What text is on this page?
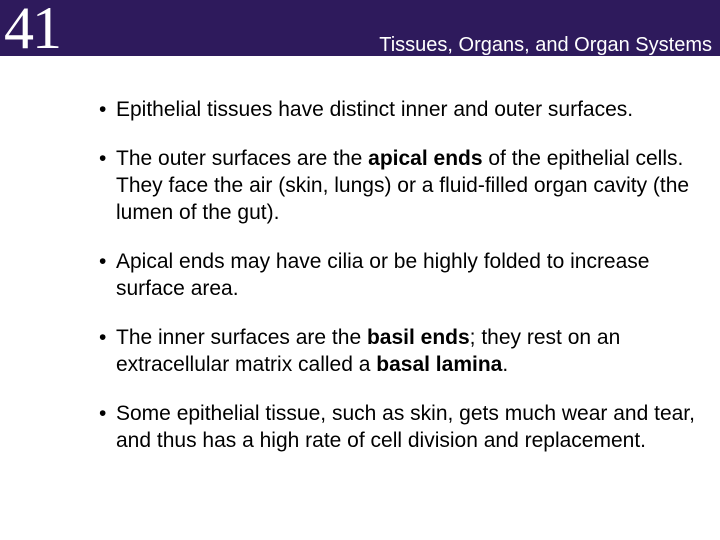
41	Tissues, Organs, and Organ Systems
• Epithelial tissues have distinct inner and outer surfaces.
• The outer surfaces are the apical ends of the epithelial cells. They face the air (skin, lungs) or a fluid-filled organ cavity (the lumen of the gut).
• Apical ends may have cilia or be highly folded to increase surface area.
• The inner surfaces are the basil ends; they rest on an extracellular matrix called a basal lamina.
• Some epithelial tissue, such as skin, gets much wear and tear, and thus has a high rate of cell division and replacement.
